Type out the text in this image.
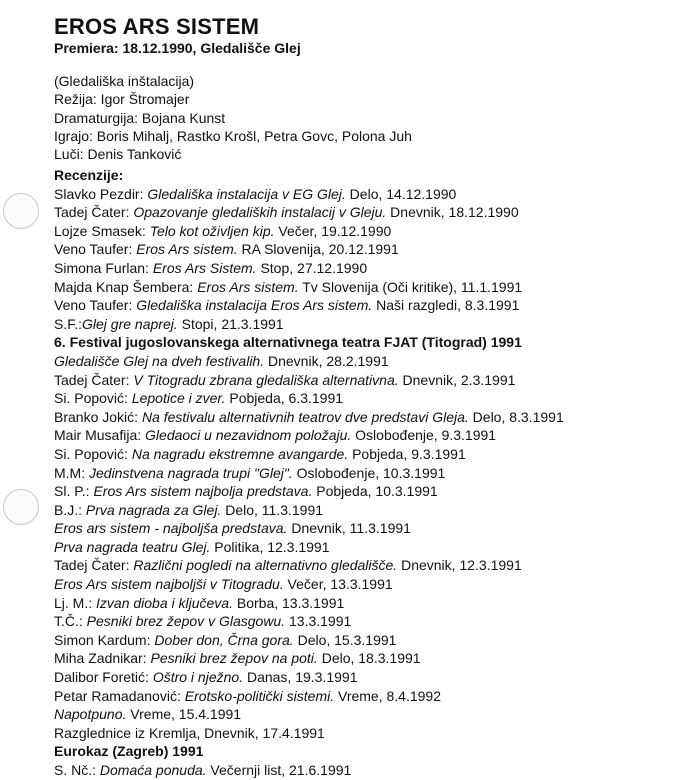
EROS ARS SISTEM
Premiera: 18.12.1990, Gledališče Glej
(Gledališka inštalacija)
Režija: Igor Štromajer
Dramaturgija: Bojana Kunst
Igrajo: Boris Mihalj, Rastko Krošl, Petra Govc, Polona Juh
Luči: Denis Tanković
Recenzije:
Slavko Pezdir: Gledališka instalacija v EG Glej. Delo, 14.12.1990
Tadej Čater: Opazovanje gledaliških instalacij v Gleju. Dnevnik, 18.12.1990
Lojze Smasek: Telo kot oživljen kip. Večer, 19.12.1990
Veno Taufer: Eros Ars sistem. RA Slovenija, 20.12.1991
Simona Furlan: Eros Ars Sistem. Stop, 27.12.1990
Majda Knap Šembera: Eros Ars sistem. Tv Slovenija (Oči kritike), 11.1.1991
Veno Taufer: Gledališka instalacija Eros Ars sistem. Naši razgledi, 8.3.1991
S.F.:Glej gre naprej. Stopi, 21.3.1991
6. Festival jugoslovanskega alternativnega teatra FJAT (Titograd) 1991
Gledališče Glej na dveh festivalih. Dnevnik, 28.2.1991
Tadej Čater: V Titogradu zbrana gledališka alternativna. Dnevnik, 2.3.1991
Si. Popović: Lepotice i zver. Pobjeda, 6.3.1991
Branko Jokić: Na festivalu alternativnih teatrov dve predstavi Gleja. Delo, 8.3.1991
Mair Musafija: Gledaoci u nezavidnom položaju. Oslobođenje, 9.3.1991
Si. Popović: Na nagradu ekstremne avangarde. Pobjeda, 9.3.1991
M.M: Jedinstvena nagrada trupi "Glej". Oslobođenje, 10.3.1991
Sl. P.: Eros Ars sistem najbolja predstava. Pobjeda, 10.3.1991
B.J.: Prva nagrada za Glej. Delo, 11.3.1991
Eros ars sistem - najboljša predstava. Dnevnik, 11.3.1991
Prva nagrada teatru Glej. Politika, 12.3.1991
Tadej Čater: Različni pogledi na alternativno gledališče. Dnevnik, 12.3.1991
Eros Ars sistem najbolјši v Titogradu. Večer, 13.3.1991
Lj. M.: Izvan dioba i ključeva. Borba, 13.3.1991
T.Č.: Pesniki brez žepov v Glasgowu. 13.3.1991
Simon Kardum: Dober don, Črna gora. Delo, 15.3.1991
Miha Zadnikar: Pesniki brez žepov na poti. Delo, 18.3.1991
Dalibor Foretić: Oštro i nježno. Danas, 19.3.1991
Petar Ramadanović: Erotsko-politički sistemi. Vreme, 8.4.1992
Napotpuno. Vreme, 15.4.1991
Razglednice iz Kremlja, Dnevnik, 17.4.1991
Eurokaz (Zagreb) 1991
S. Nč.: Domaća ponuda. Večernji list, 21.6.1991
